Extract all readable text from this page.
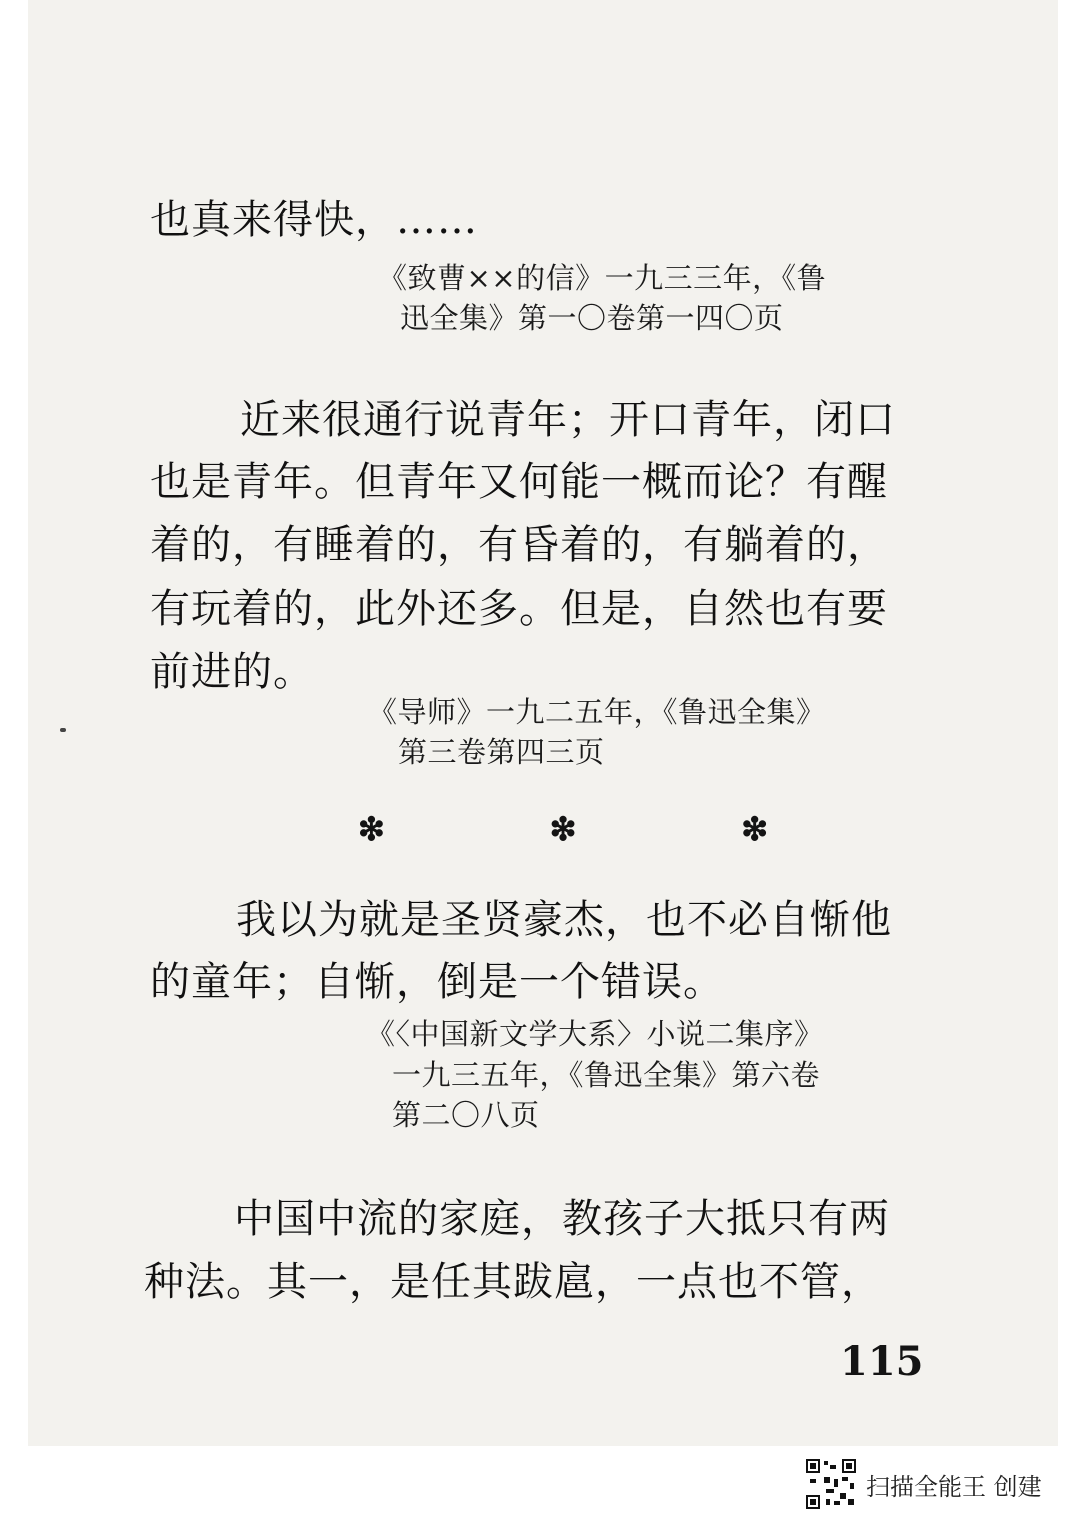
也真来得快，……
《致曹××的信》一九三三年，《鲁
迅全集》第一〇卷第一四〇页
近来很通行说青年；开口青年，闭口
也是青年。但青年又何能一概而论？有醒
着的，有睡着的，有昏着的，有躺着的，
有玩着的，此外还多。但是，自然也有要
前进的。
《导师》一九二五年，《鲁迅全集》
第三卷第四三页
❇	❇	❇
我以为就是圣贤豪杰，也不必自惭他
的童年；自惭，倒是一个错误。
《〈中国新文学大系〉小说二集序》
一九三五年，《鲁迅全集》第六卷
第二〇八页
中国中流的家庭，教孩子大抵只有两
种法。其一，是任其跋扈，一点也不管，
115
扫描全能王 创建
